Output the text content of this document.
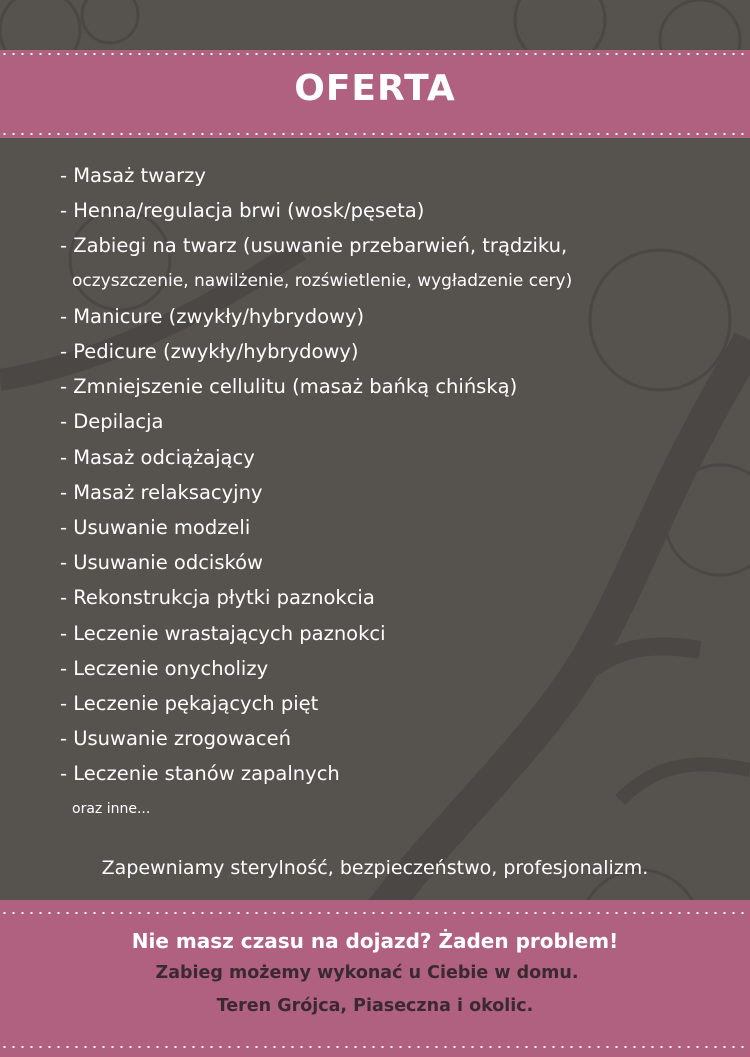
OFERTA
- Masaż twarzy
- Henna/regulacja brwi (wosk/pęseta)
- Zabiegi na twarz (usuwanie przebarwień, trądziku,
oczyszczenie, nawilżenie, rozświetlenie, wygładzenie cery)
- Manicure (zwykły/hybrydowy)
- Pedicure (zwykły/hybrydowy)
- Zmniejszenie cellulitu (masaż bańką chińską)
- Depilacja
- Masaż odciążający
- Masaż relaksacyjny
- Usuwanie modzeli
- Usuwanie odcisków
- Rekonstrukcja płytki paznokcia
- Leczenie wrastających paznokci
- Leczenie onycholizy
- Leczenie pękających pięt
- Usuwanie zrogowaceń
- Leczenie stanów zapalnych
oraz inne...
Zapewniamy sterylność, bezpieczeństwo, profesjonalizm.
Nie masz czasu na dojazd? Żaden problem!
Zabieg możemy wykonać u Ciebie w domu.
Teren Grójca, Piaseczna i okolic.
